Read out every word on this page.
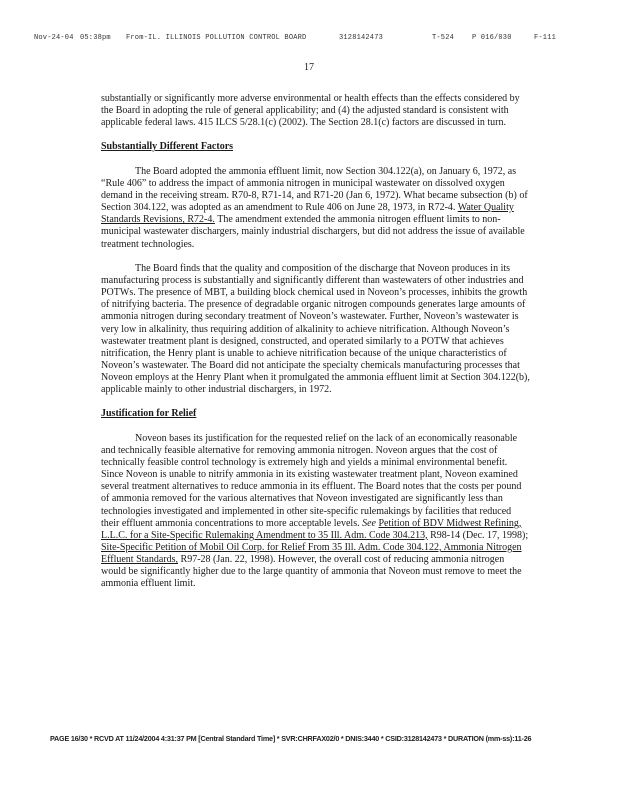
Nov-24-04 05:38pm From-IL. ILLINOIS POLLUTION CONTROL BOARD	3128142473	T-524	P 016/030	F-111
17

substantially or significantly more adverse environmental or health effects than the effects considered by the Board in adopting the rule of general applicability; and (4) the adjusted standard is consistent with applicable federal laws. 415 ILCS 5/28.1(c) (2002). The Section 28.1(c) factors are discussed in turn.

Substantially Different Factors

The Board adopted the ammonia effluent limit, now Section 304.122(a), on January 6, 1972, as “Rule 406” to address the impact of ammonia nitrogen in municipal wastewater on dissolved oxygen demand in the receiving stream. R70-8, R71-14, and R71-20 (Jan 6, 1972). What became subsection (b) of Section 304.122, was adopted as an amendment to Rule 406 on June 28, 1973, in R72-4. Water Quality Standards Revisions, R72-4. The amendment extended the ammonia nitrogen effluent limits to non-municipal wastewater dischargers, mainly industrial dischargers, but did not address the issue of available treatment technologies.

The Board finds that the quality and composition of the discharge that Noveon produces in its manufacturing process is substantially and significantly different than wastewaters of other industries and POTWs. The presence of MBT, a building block chemical used in Noveon’s processes, inhibits the growth of nitrifying bacteria. The presence of degradable organic nitrogen compounds generates large amounts of ammonia nitrogen during secondary treatment of Noveon’s wastewater. Further, Noveon’s wastewater is very low in alkalinity, thus requiring addition of alkalinity to achieve nitrification. Although Noveon’s wastewater treatment plant is designed, constructed, and operated similarly to a POTW that achieves nitrification, the Henry plant is unable to achieve nitrification because of the unique characteristics of Noveon’s wastewater. The Board did not anticipate the specialty chemicals manufacturing processes that Noveon employs at the Henry Plant when it promulgated the ammonia effluent limit at Section 304.122(b), applicable mainly to other industrial dischargers, in 1972.

Justification for Relief

Noveon bases its justification for the requested relief on the lack of an economically reasonable and technically feasible alternative for removing ammonia nitrogen. Noveon argues that the cost of technically feasible control technology is extremely high and yields a minimal environmental benefit. Since Noveon is unable to nitrify ammonia in its existing wastewater treatment plant, Noveon examined several treatment alternatives to reduce ammonia in its effluent. The Board notes that the costs per pound of ammonia removed for the various alternatives that Noveon investigated are significantly less than technologies investigated and implemented in other site-specific rulemakings by facilities that reduced their effluent ammonia concentrations to more acceptable levels. See Petition of BDV Midwest Refining, L.L.C. for a Site-Specific Rulemaking Amendment to 35 Ill. Adm. Code 304.213, R98-14 (Dec. 17, 1998); Site-Specific Petition of Mobil Oil Corp. for Relief From 35 Ill. Adm. Code 304.122, Ammonia Nitrogen Effluent Standards, R97-28 (Jan. 22, 1998). However, the overall cost of reducing ammonia nitrogen would be significantly higher due to the large quantity of ammonia that Noveon must remove to meet the ammonia effluent limit.

PAGE 16/30 * RCVD AT 11/24/2004 4:31:37 PM [Central Standard Time] * SVR:CHRFAX02/0 * DNIS:3440 * CSID:3128142473 * DURATION (mm-ss):11-26
